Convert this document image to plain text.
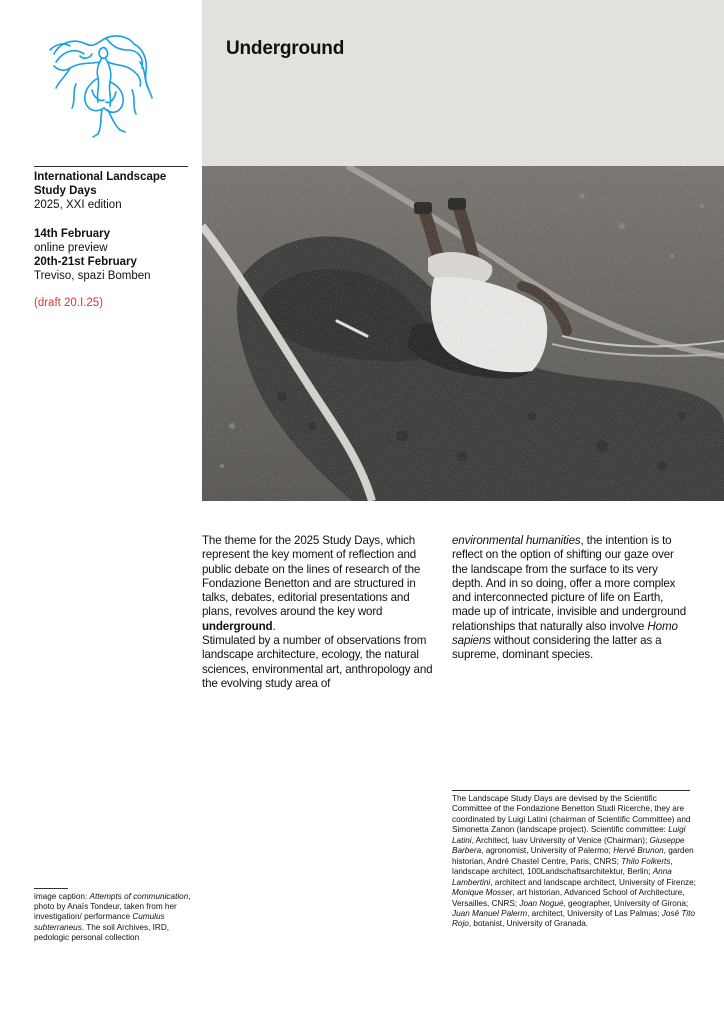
Underground

International Landscape

Study Days

2025, XXI edition

14th February

online preview

20th-21st February

Treviso, spazi Bomben

(draft 20.I.25)

The theme for the 2025 Study Days, which represent the key moment of reflection and public debate on the lines of research of the Fondazione Benetton and are structured in talks, debates, editorial presentations and plans, revolves around the key word underground.

Stimulated by a number of observations from landscape architecture, ecology, the natural sciences, environmental art, anthropology and the evolving study area of

environmental humanities, the intention is to reflect on the option of shifting our gaze over the landscape from the surface to its very depth. And in so doing, offer a more complex and interconnected picture of life on Earth, made up of intricate, invisible and underground relationships that naturally also involve Homo sapiens without considering the latter as a supreme, dominant species.

image caption: Attempts of communication, photo by Anaïs Tondeur, taken from her investigation/ performance Cumulus subterraneus. The soil Archives, IRD, pedologic personal collection
The Landscape Study Days are devised by the Scientific Committee of the Fondazione Benetton Studi Ricerche, they are coordinated by Luigi Latini (chairman of Scientific Committee) and Simonetta Zanon (landscape project). Scientific committee: Luigi Latini, Architect, Iuav University of Venice (Chairman); Giuseppe Barbera, agronomist, University of Palermo; Hervé Brunon, garden historian, André Chastel Centre, Paris, CNRS; Thilo Folkerts, landscape architect, 100Landschaftsarchitektur, Berlin; Anna Lambertini, architect and landscape architect, University of Firenze; Monique Mosser, art historian, Advanced School of Architecture, Versailles, CNRS; Joan Nogué, geographer, University of Girona; Juan Manuel Palerm, architect, University of Las Palmas; José Tito Rojo, botanist, University of Granada.
